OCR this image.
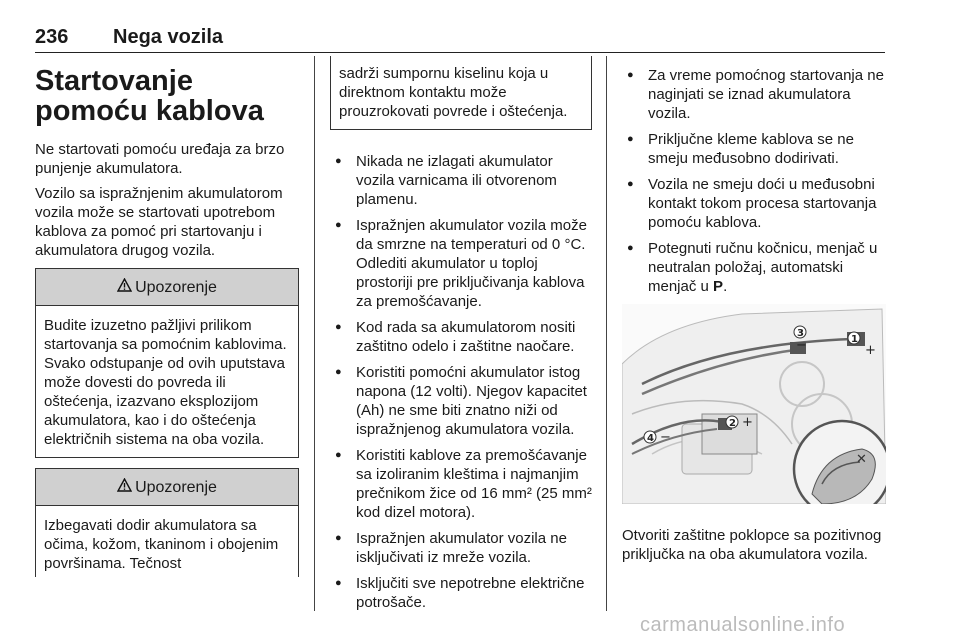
236 Nega vozila
Startovanje pomoću kablova

Ne startovati pomoću uređaja za brzo punjenje akumulatora.

Vozilo sa ispražnjenim akumulatorom vozila može se startovati upotrebom kablova za pomoć pri startovanju i akumulatora drugog vozila.

Upozorenje
Budite izuzetno pažljivi prilikom startovanja sa pomoćnim kablovima. Svako odstupanje od ovih uputstava može dovesti do povreda ili oštećenja, izazvano eksplozijom akumulatora, kao i do oštećenja električnih sistema na oba vozila.
Upozorenje
Izbegavati dodir akumulatora sa očima, kožom, tkaninom i obojenim površinama. Tečnost
sadrži sumpornu kiselinu koja u direktnom kontaktu može prouzrokovati povrede i oštećenja.
● Nikada ne izlagati akumulator vozila varnicama ili otvorenom plamenu.
● Ispražnjen akumulator vozila može da smrzne na temperaturi od 0 °C. Odlediti akumulator u toploj prostoriji pre priključivanja kablova za premošćavanje.
● Kod rada sa akumulatorom nositi zaštitno odelo i zaštitne naočare.
● Koristiti pomoćni akumulator istog napona (12 volti). Njegov kapacitet (Ah) ne sme biti znatno niži od ispražnjenog akumulatora vozila.
● Koristiti kablove za premošćavanje sa izoliranim kleštima i najmanjim prečnikom žice od 16 mm² (25 mm² kod dizel motora).
● Ispražnjen akumulator vozila ne isključivati iz mreže vozila.
● Isključiti sve nepotrebne električne potrošače.
● Za vreme pomoćnog startovanja ne naginjati se iznad akumulatora vozila.
● Priključne kleme kablova se ne smeju međusobno dodirivati.
● Vozila ne smeju doći u međusobni kontakt tokom procesa startovanja pomoću kablova.
● Potegnuti ručnu kočnicu, menjač u neutralan položaj, automatski menjač u P.
✕
1
+
2 +
3
−
4 −

Otvoriti zaštitne poklopce sa pozitivnog priključka na oba akumulatora vozila.

carmanualsonline.info
